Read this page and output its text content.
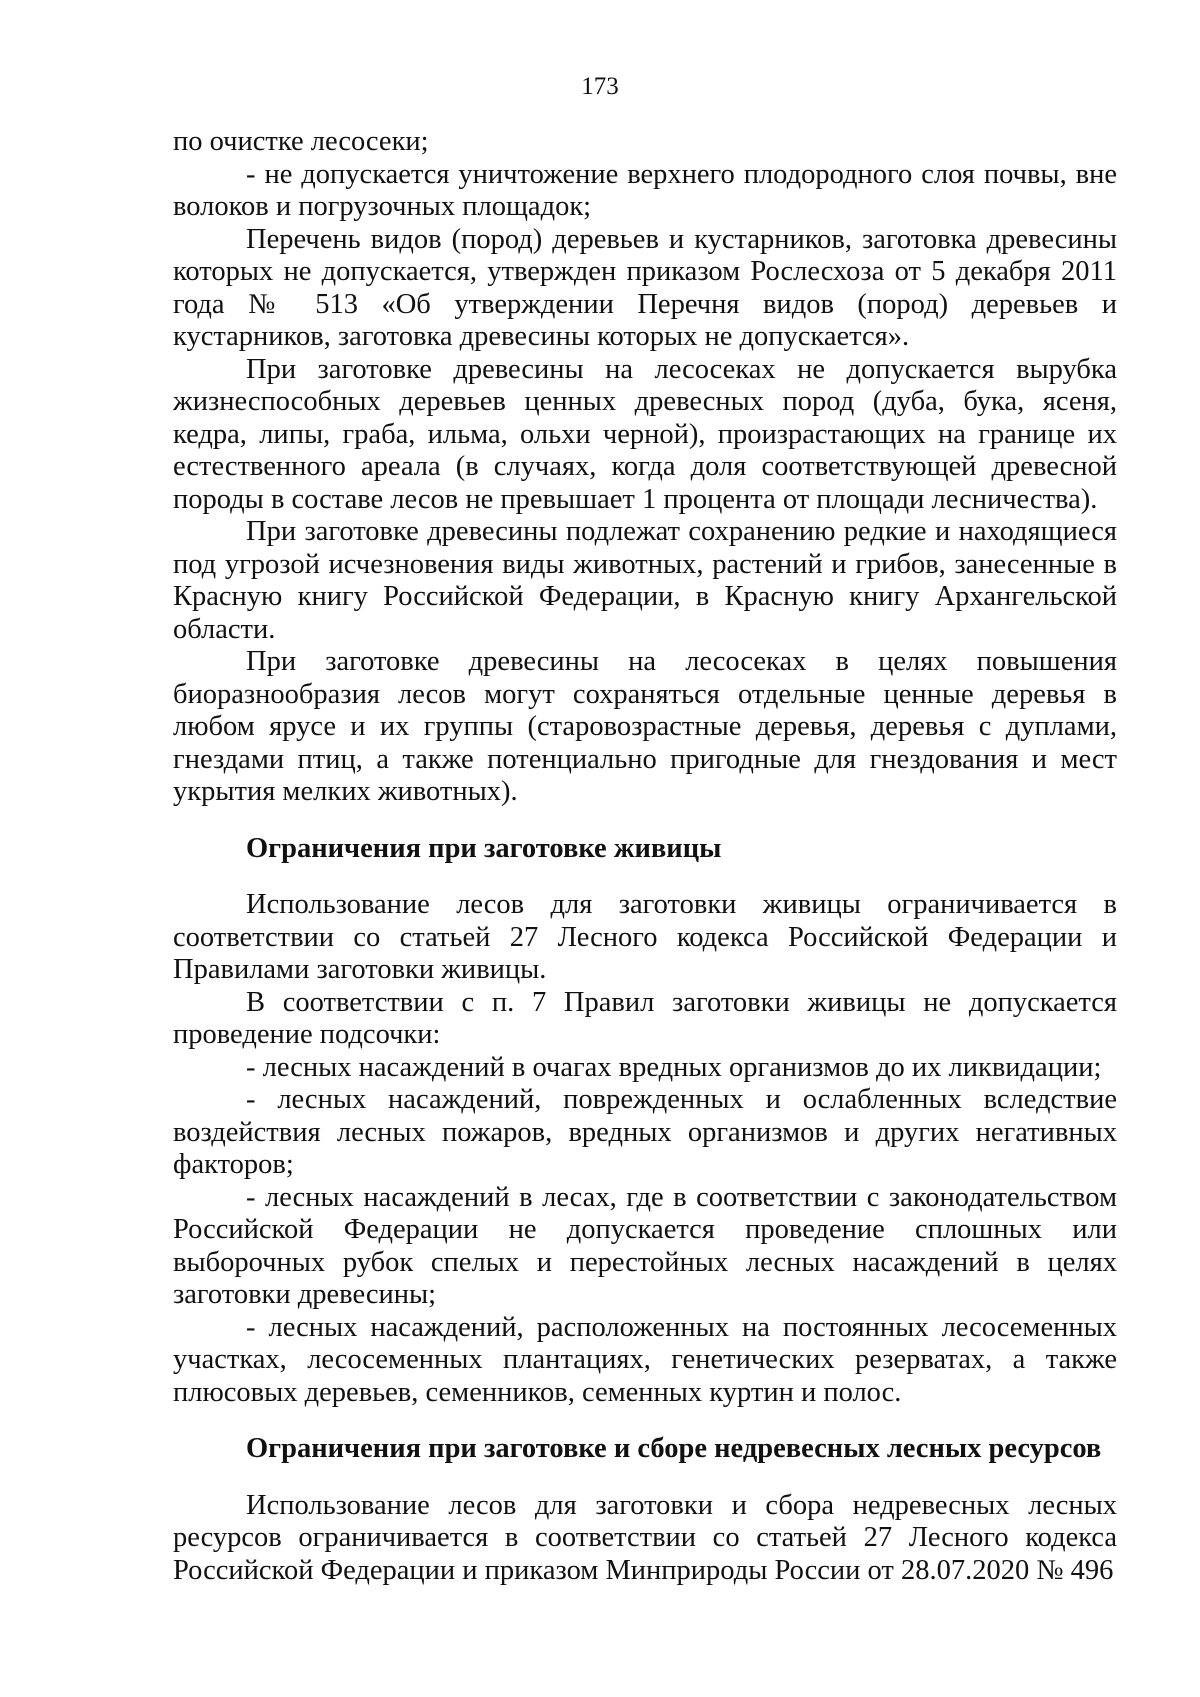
173

по очистке лесосеки;

- не допускается уничтожение верхнего плодородного слоя почвы, вне волоков и погрузочных площадок;

Перечень видов (пород) деревьев и кустарников, заготовка древесины которых не допускается, утвержден приказом Рослесхоза от 5 декабря 2011 года № 513 «Об утверждении Перечня видов (пород) деревьев и кустарников, заготовка древесины которых не допускается».

При заготовке древесины на лесосеках не допускается вырубка жизнеспособных деревьев ценных древесных пород (дуба, бука, ясеня, кедра, липы, граба, ильма, ольхи черной), произрастающих на границе их естественного ареала (в случаях, когда доля соответствующей древесной породы в составе лесов не превышает 1 процента от площади лесничества).

При заготовке древесины подлежат сохранению редкие и находящиеся под угрозой исчезновения виды животных, растений и грибов, занесенные в Красную книгу Российской Федерации, в Красную книгу Архангельской области.

При заготовке древесины на лесосеках в целях повышения биоразнообразия лесов могут сохраняться отдельные ценные деревья в любом ярусе и их группы (старовозрастные деревья, деревья с дуплами, гнездами птиц, а также потенциально пригодные для гнездования и мест укрытия мелких животных).

Ограничения при заготовке живицы

Использование лесов для заготовки живицы ограничивается в соответствии со статьей 27 Лесного кодекса Российской Федерации и Правилами заготовки живицы.

В соответствии с п. 7 Правил заготовки живицы не допускается проведение подсочки:

- лесных насаждений в очагах вредных организмов до их ликвидации;

- лесных насаждений, поврежденных и ослабленных вследствие воздействия лесных пожаров, вредных организмов и других негативных факторов;

- лесных насаждений в лесах, где в соответствии с законодательством Российской Федерации не допускается проведение сплошных или выборочных рубок спелых и перестойных лесных насаждений в целях заготовки древесины;

- лесных насаждений, расположенных на постоянных лесосеменных участках, лесосеменных плантациях, генетических резерватах, а также плюсовых деревьев, семенников, семенных куртин и полос.

Ограничения при заготовке и сборе недревесных лесных ресурсов

Использование лесов для заготовки и сбора недревесных лесных ресурсов ограничивается в соответствии со статьей 27 Лесного кодекса Российской Федерации и приказом Минприроды России от 28.07.2020 № 496
